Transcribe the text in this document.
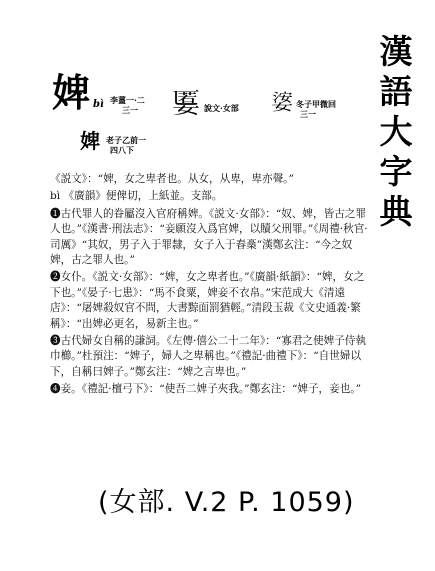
漢
語
大
字
典
婢 bì 李薑一·二
三一 𡠷 說文·女部 𡟖 冬子甲微回
三一
婢 老子乙前一
四八下

《説文》：“婢，女之卑者也。从女，从卑，卑亦聲。”

bì 《廣韻》便俾切，上紙並。支部。

❶古代罪人的眷屬沒入官府稱婢。《説文·女部》：“奴、婢，皆古之罪人也。”《漢書·刑法志》：“妾願沒入爲官婢，以贖父刑罪。”《周禮·秋官·司厲》“其奴，男子入于罪隸，女子入于舂槀”漢鄭玄注：“今之奴婢，古之罪人也。”

❷女仆。《説文·女部》：“婢，女之卑者也。”《廣韻·紙韻》：“婢，女之下也。”《晏子·七患》：“馬不食粟，婢妾不衣帛。”宋范成大《清遠店》：“屠婢殺奴官不問，大書黥面罰猶輕。”清段玉裁《文史通義·繁稱》：“出婢必更名，易新主也。”

❸古代婦女自稱的謙詞。《左傳·僖公二十二年》：“寡君之使婢子侍執巾櫛。”杜預注：“婢子，婦人之卑稱也。”《禮記·曲禮下》：“自世婦以下，自稱曰婢子。”鄭玄注：“婢之言卑也。”

❹妾。《禮記·檀弓下》：“使吾二婢子夾我。”鄭玄注：“婢子，妾也。”

(女部. V.2 P. 1059)
